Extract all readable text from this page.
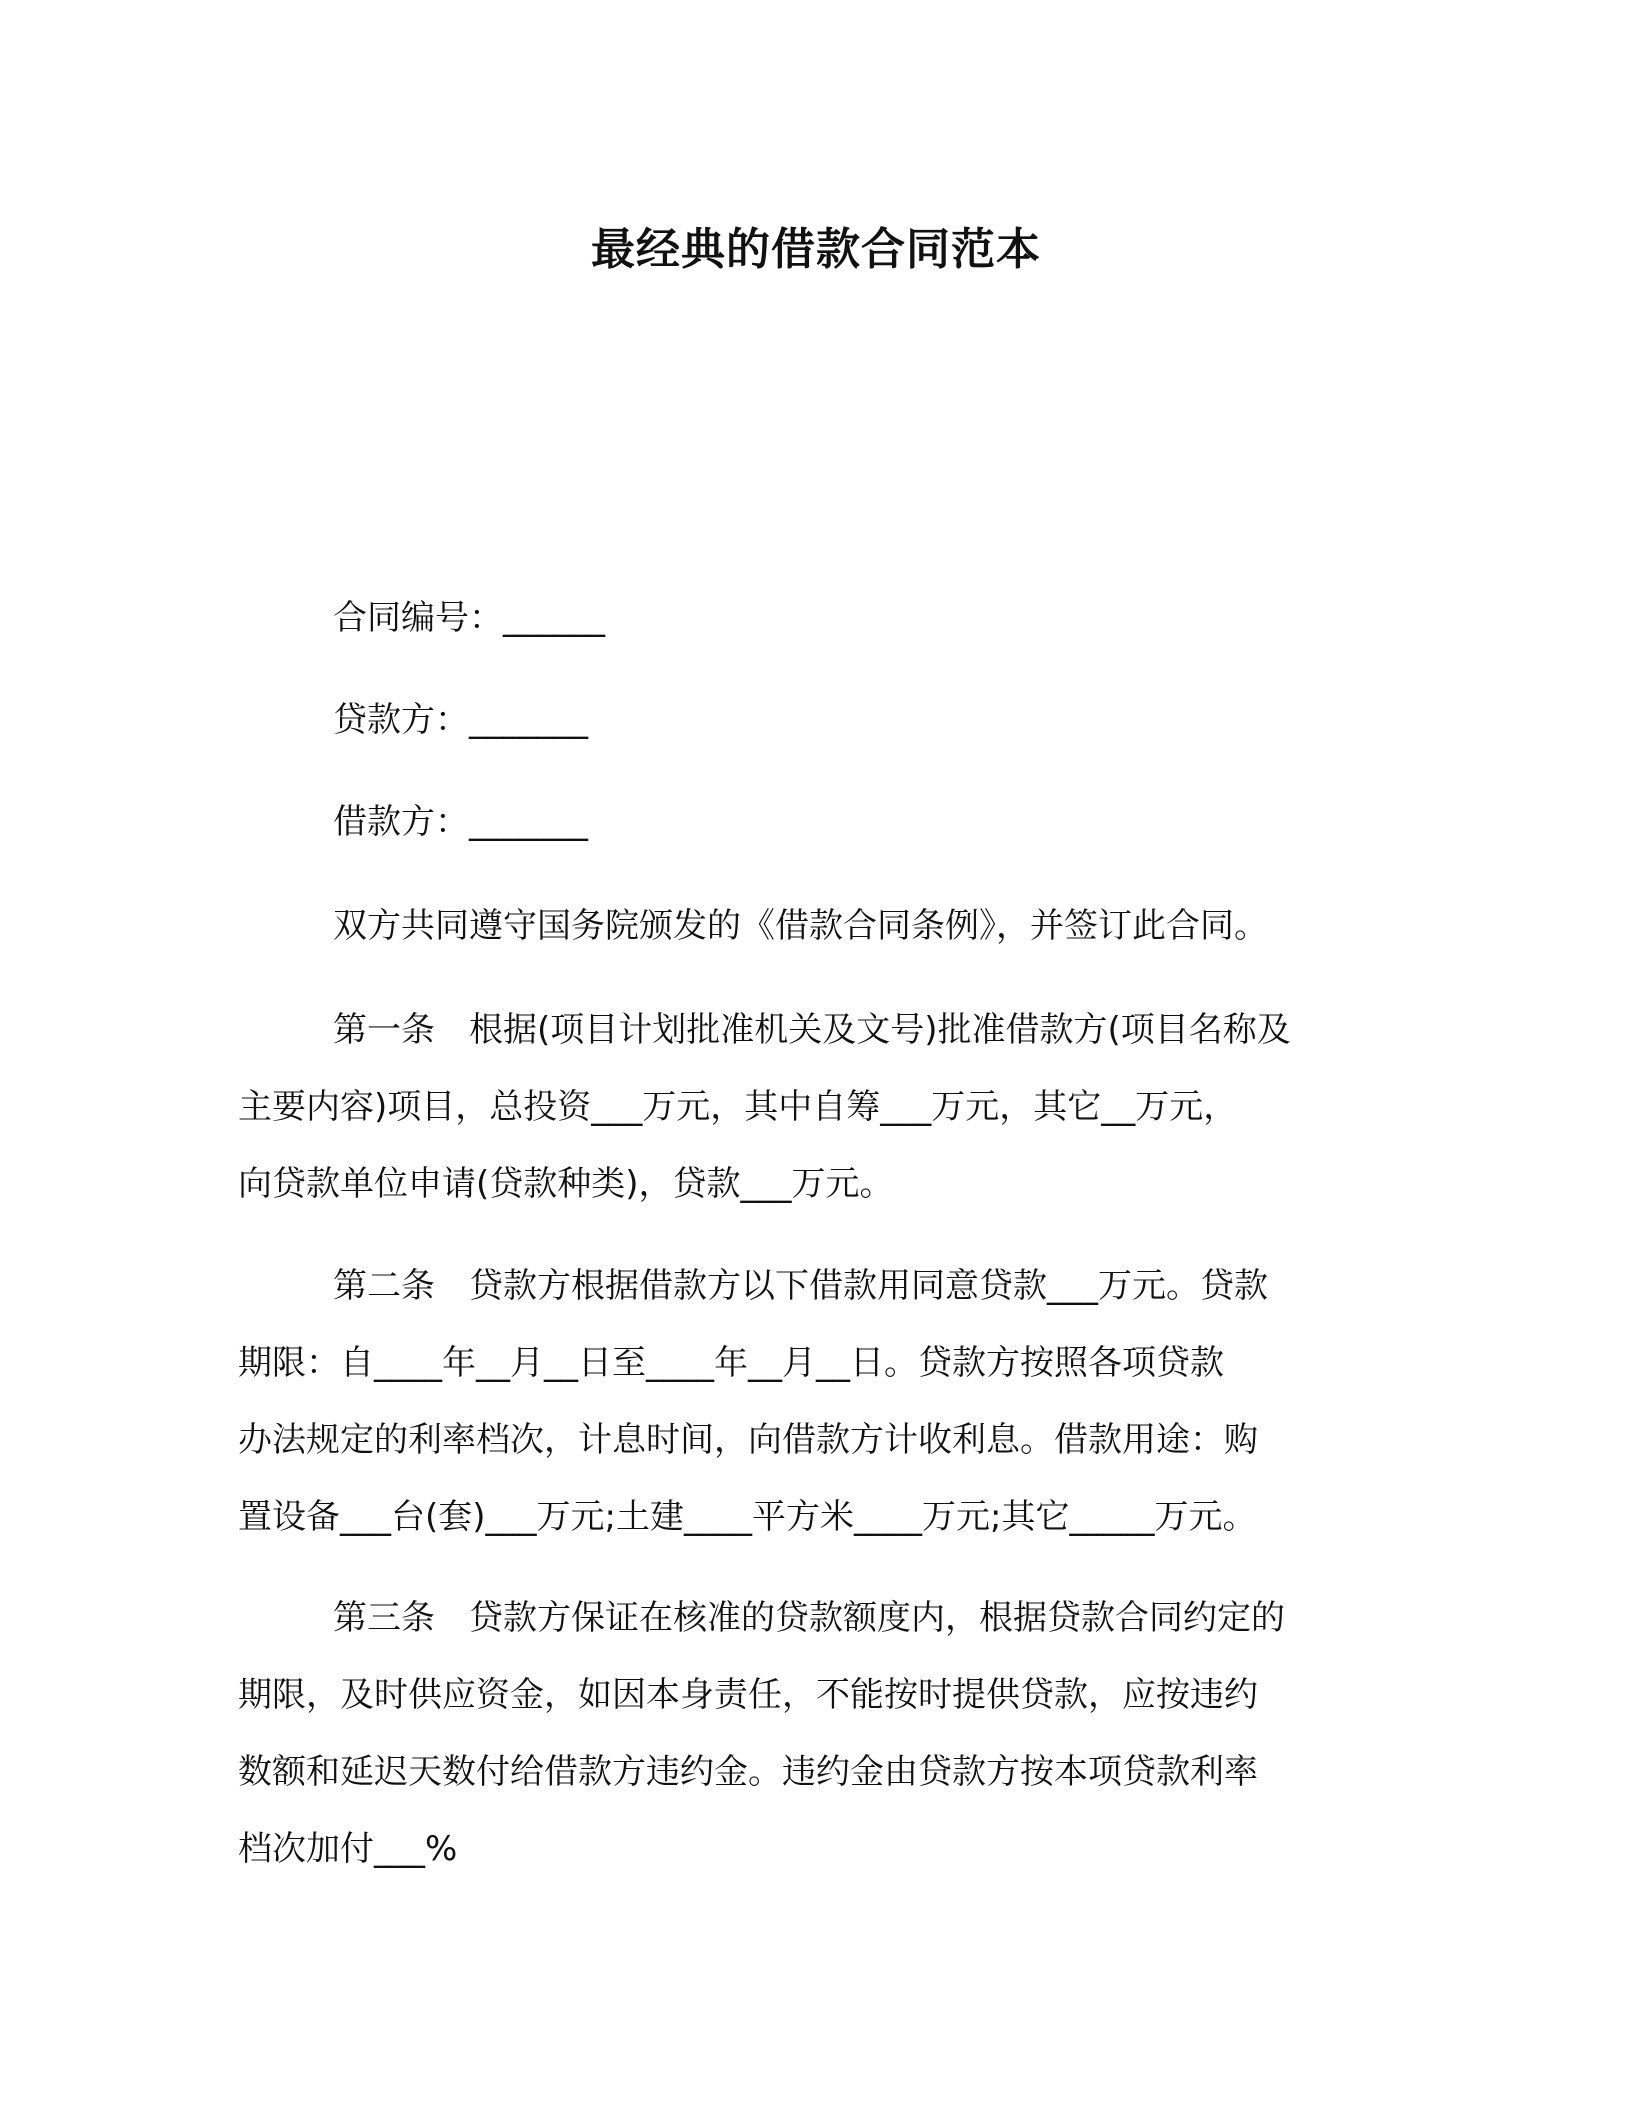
最经典的借款合同范本
合同编号：______
贷款方：_______
借款方：_______
双方共同遵守国务院颁发的《借款合同条例》，并签订此合同。
第一条　根据(项目计划批准机关及文号)批准借款方(项目名称及
主要内容)项目，总投资___万元，其中自筹___万元，其它__万元，
向贷款单位申请(贷款种类)，贷款___万元。
第二条　贷款方根据借款方以下借款用同意贷款___万元。贷款
期限：自____年__月__日至____年__月__日。贷款方按照各项贷款
办法规定的利率档次，计息时间，向借款方计收利息。借款用途：购
置设备___台(套)___万元;土建____平方米____万元;其它_____万元。
第三条　贷款方保证在核准的贷款额度内，根据贷款合同约定的
期限，及时供应资金，如因本身责任，不能按时提供贷款，应按违约
数额和延迟天数付给借款方违约金。违约金由贷款方按本项贷款利率
档次加付___%
